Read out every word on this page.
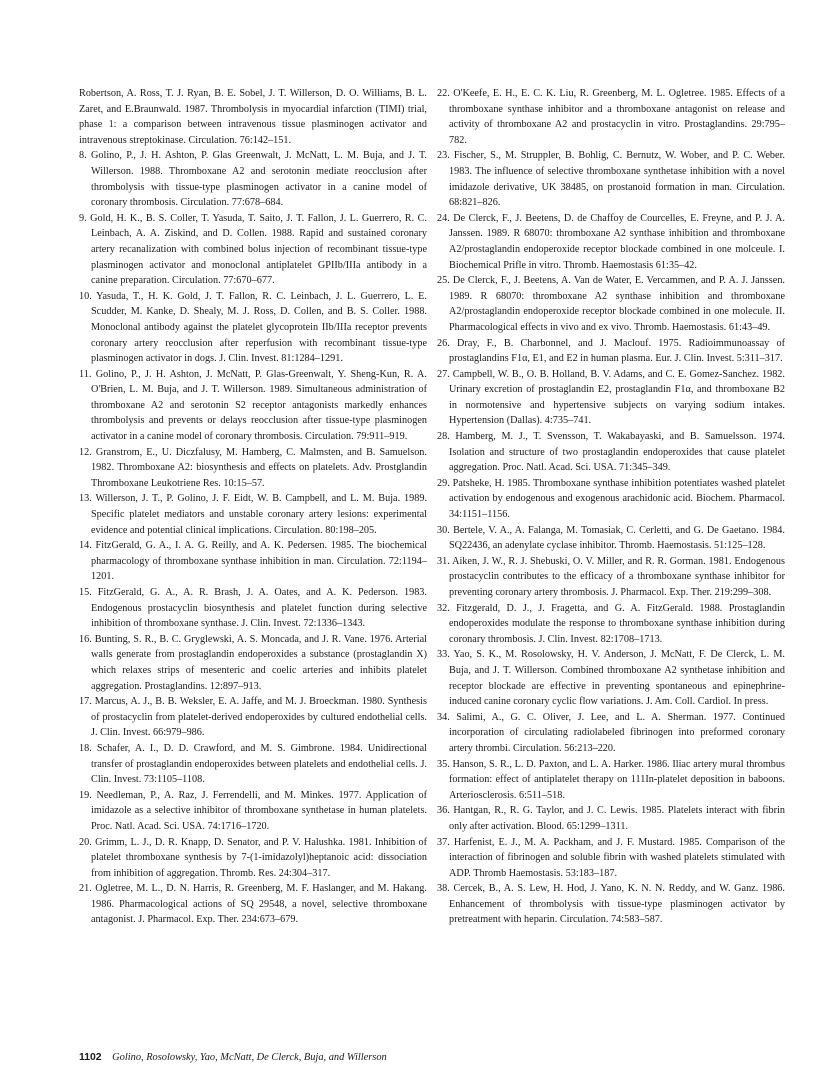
Robertson, A. Ross, T. J. Ryan, B. E. Sobel, J. T. Willerson, D. O. Williams, B. L. Zaret, and E.Braunwald. 1987. Thrombolysis in myocardial infarction (TIMI) trial, phase 1: a comparison between intravenous tissue plasminogen activator and intravenous streptokinase. Circulation. 76:142–151.

8. Golino, P., J. H. Ashton, P. Glas Greenwalt, J. McNatt, L. M. Buja, and J. T. Willerson. 1988. Thromboxane A2 and serotonin mediate reocclusion after thrombolysis with tissue-type plasminogen activator in a canine model of coronary thrombosis. Circulation. 77:678–684.

9. Gold, H. K., B. S. Coller, T. Yasuda, T. Saito, J. T. Fallon, J. L. Guerrero, R. C. Leinbach, A. A. Ziskind, and D. Collen. 1988. Rapid and sustained coronary artery recanalization with combined bolus injection of recombinant tissue-type plasminogen activator and monoclonal antiplatelet GPIIb/IIIa antibody in a canine preparation. Circulation. 77:670–677.

10. Yasuda, T., H. K. Gold, J. T. Fallon, R. C. Leinbach, J. L. Guerrero, L. E. Scudder, M. Kanke, D. Shealy, M. J. Ross, D. Collen, and B. S. Coller. 1988. Monoclonal antibody against the platelet glycoprotein IIb/IIIa receptor prevents coronary artery reocclusion after reperfusion with recombinant tissue-type plasminogen activator in dogs. J. Clin. Invest. 81:1284–1291.

11. Golino, P., J. H. Ashton, J. McNatt, P. Glas-Greenwalt, Y. Sheng-Kun, R. A. O'Brien, L. M. Buja, and J. T. Willerson. 1989. Simultaneous administration of thromboxane A2 and serotonin S2 receptor antagonists markedly enhances thrombolysis and prevents or delays reocclusion after tissue-type plasminogen activator in a canine model of coronary thrombosis. Circulation. 79:911–919.

12. Granstrom, E., U. Diczfalusy, M. Hamberg, C. Malmsten, and B. Samuelson. 1982. Thromboxane A2: biosynthesis and effects on platelets. Adv. Prostglandin Thromboxane Leukotriene Res. 10:15–57.

13. Willerson, J. T., P. Golino, J. F. Eidt, W. B. Campbell, and L. M. Buja. 1989. Specific platelet mediators and unstable coronary artery lesions: experimental evidence and potential clinical implications. Circulation. 80:198–205.

14. FitzGerald, G. A., I. A. G. Reilly, and A. K. Pedersen. 1985. The biochemical pharmacology of thromboxane synthase inhibition in man. Circulation. 72:1194–1201.

15. FitzGerald, G. A., A. R. Brash, J. A. Oates, and A. K. Pederson. 1983. Endogenous prostacyclin biosynthesis and platelet function during selective inhibition of thromboxane synthase. J. Clin. Invest. 72:1336–1343.

16. Bunting, S. R., B. C. Gryglewski, A. S. Moncada, and J. R. Vane. 1976. Arterial walls generate from prostaglandin endoperoxides a substance (prostaglandin X) which relaxes strips of mesenteric and coelic arteries and inhibits platelet aggregation. Prostaglandins. 12:897–913.

17. Marcus, A. J., B. B. Weksler, E. A. Jaffe, and M. J. Broeckman. 1980. Synthesis of prostacyclin from platelet-derived endoperoxides by cultured endothelial cells. J. Clin. Invest. 66:979–986.

18. Schafer, A. I., D. D. Crawford, and M. S. Gimbrone. 1984. Unidirectional transfer of prostaglandin endoperoxides between platelets and endothelial cells. J. Clin. Invest. 73:1105–1108.

19. Needleman, P., A. Raz, J. Ferrendelli, and M. Minkes. 1977. Application of imidazole as a selective inhibitor of thromboxane synthetase in human platelets. Proc. Natl. Acad. Sci. USA. 74:1716–1720.

20. Grimm, L. J., D. R. Knapp, D. Senator, and P. V. Halushka. 1981. Inhibition of platelet thromboxane synthesis by 7-(1-imidazolyl)heptanoic acid: dissociation from inhibition of aggregation. Thromb. Res. 24:304–317.

21. Ogletree, M. L., D. N. Harris, R. Greenberg, M. F. Haslanger, and M. Hakang. 1986. Pharmacological actions of SQ 29548, a novel, selective thromboxane antagonist. J. Pharmacol. Exp. Ther. 234:673–679.

22. O'Keefe, E. H., E. C. K. Liu, R. Greenberg, M. L. Ogletree. 1985. Effects of a thromboxane synthase inhibitor and a thromboxane antagonist on release and activity of thromboxane A2 and prostacyclin in vitro. Prostaglandins. 29:795–782.

23. Fischer, S., M. Struppler, B. Bohlig, C. Bernutz, W. Wober, and P. C. Weber. 1983. The influence of selective thromboxane synthetase inhibition with a novel imidazole derivative, UK 38485, on prostanoid formation in man. Circulation. 68:821–826.

24. De Clerck, F., J. Beetens, D. de Chaffoy de Courcelles, E. Freyne, and P. J. A. Janssen. 1989. R 68070: thromboxane A2 synthase inhibition and thromboxane A2/prostaglandin endoperoxide receptor blockade combined in one molceule. I. Biochemical Prifle in vitro. Thromb. Haemostasis 61:35–42.

25. De Clerck, F., J. Beetens, A. Van de Water, E. Vercammen, and P. A. J. Janssen. 1989. R 68070: thromboxane A2 synthase inhibition and thromboxane A2/prostaglandin endoperoxide receptor blockade combined in one molecule. II. Pharmacological effects in vivo and ex vivo. Thromb. Haemostasis. 61:43–49.

26. Dray, F., B. Charbonnel, and J. Maclouf. 1975. Radioimmunoassay of prostaglandins F1α, E1, and E2 in human plasma. Eur. J. Clin. Invest. 5:311–317.

27. Campbell, W. B., O. B. Holland, B. V. Adams, and C. E. Gomez-Sanchez. 1982. Urinary excretion of prostaglandin E2, prostaglandin F1α, and thromboxane B2 in normotensive and hypertensive subjects on varying sodium intakes. Hypertension (Dallas). 4:735–741.

28. Hamberg, M. J., T. Svensson, T. Wakabayaski, and B. Samuelsson. 1974. Isolation and structure of two prostaglandin endoperoxides that cause platelet aggregation. Proc. Natl. Acad. Sci. USA. 71:345–349.

29. Patsheke, H. 1985. Thromboxane synthase inhibition potentiates washed platelet activation by endogenous and exogenous arachidonic acid. Biochem. Pharmacol. 34:1151–1156.

30. Bertele, V. A., A. Falanga, M. Tomasiak, C. Cerletti, and G. De Gaetano. 1984. SQ22436, an adenylate cyclase inhibitor. Thromb. Haemostasis. 51:125–128.

31. Aiken, J. W., R. J. Shebuski, O. V. Miller, and R. R. Gorman. 1981. Endogenous prostacyclin contributes to the efficacy of a thromboxane synthase inhibitor for preventing coronary artery thrombosis. J. Pharmacol. Exp. Ther. 219:299–308.

32. Fitzgerald, D. J., J. Fragetta, and G. A. FitzGerald. 1988. Prostaglandin endoperoxides modulate the response to thromboxane synthase inhibition during coronary thrombosis. J. Clin. Invest. 82:1708–1713.

33. Yao, S. K., M. Rosolowsky, H. V. Anderson, J. McNatt, F. De Clerck, L. M. Buja, and J. T. Willerson. Combined thromboxane A2 synthetase inhibition and receptor blockade are effective in preventing spontaneous and epinephrine-induced canine coronary cyclic flow variations. J. Am. Coll. Cardiol. In press.

34. Salimi, A., G. C. Oliver, J. Lee, and L. A. Sherman. 1977. Continued incorporation of circulating radiolabeled fibrinogen into preformed coronary artery thrombi. Circulation. 56:213–220.

35. Hanson, S. R., L. D. Paxton, and L. A. Harker. 1986. Iliac artery mural thrombus formation: effect of antiplatelet therapy on 111In-platelet deposition in baboons. Arteriosclerosis. 6:511–518.

36. Hantgan, R., R. G. Taylor, and J. C. Lewis. 1985. Platelets interact with fibrin only after activation. Blood. 65:1299–1311.

37. Harfenist, E. J., M. A. Packham, and J. F. Mustard. 1985. Comparison of the interaction of fibrinogen and soluble fibrin with washed platelets stimulated with ADP. Thromb Haemostasis. 53:183–187.

38. Cercek, B., A. S. Lew, H. Hod, J. Yano, K. N. N. Reddy, and W. Ganz. 1986. Enhancement of thrombolysis with tissue-type plasminogen activator by pretreatment with heparin. Circulation. 74:583–587.

1102 Golino, Rosolowsky, Yao, McNatt, De Clerck, Buja, and Willerson
